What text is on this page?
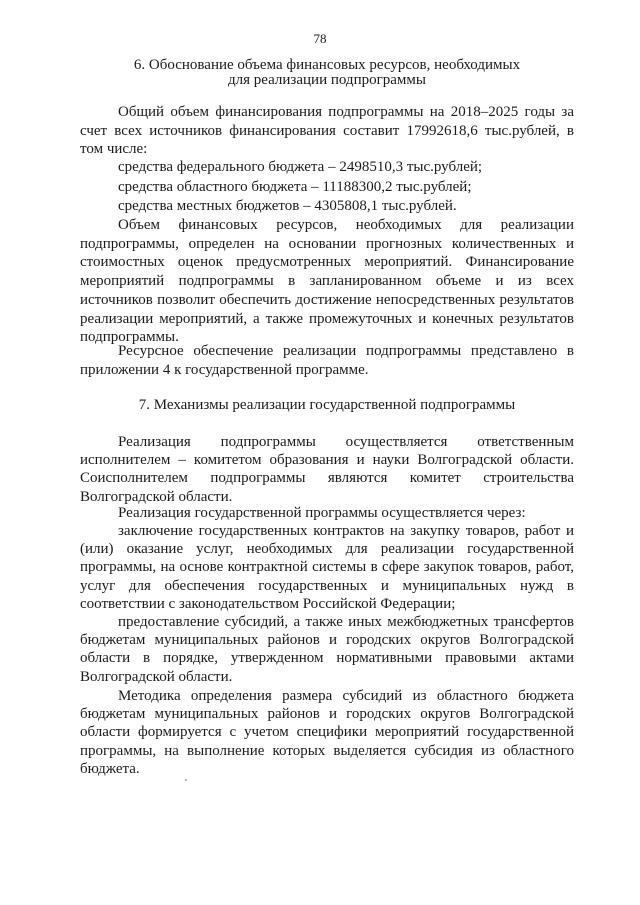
78

6. Обоснование объема финансовых ресурсов, необходимых

для реализации подпрограммы

Общий объем финансирования подпрограммы на 2018–2025 годы за счет всех источников финансирования составит 17992618,6 тыс.рублей, в том числе:

средства федерального бюджета – 2498510,3 тыс.рублей;

средства областного бюджета – 11188300,2 тыс.рублей;

средства местных бюджетов – 4305808,1 тыс.рублей.

Объем финансовых ресурсов, необходимых для реализации подпрограммы, определен на основании прогнозных количественных и стоимостных оценок предусмотренных мероприятий. Финансирование мероприятий подпрограммы в запланированном объеме и из всех источников позволит обеспечить достижение непосредственных результатов реализации мероприятий, а также промежуточных и конечных результатов подпрограммы.

Ресурсное обеспечение реализации подпрограммы представлено в приложении 4 к государственной программе.

7. Механизмы реализации государственной подпрограммы

Реализация подпрограммы осуществляется ответственным исполнителем – комитетом образования и науки Волгоградской области. Соисполнителем подпрограммы являются комитет строительства Волгоградской области.

Реализация государственной программы осуществляется через:

заключение государственных контрактов на закупку товаров, работ и (или) оказание услуг, необходимых для реализации государственной программы, на основе контрактной системы в сфере закупок товаров, работ, услуг для обеспечения государственных и муниципальных нужд в соответствии с законодательством Российской Федерации;

предоставление субсидий, а также иных межбюджетных трансфертов бюджетам муниципальных районов и городских округов Волгоградской области в порядке, утвержденном нормативными правовыми актами Волгоградской области.

Методика определения размера субсидий из областного бюджета бюджетам муниципальных районов и городских округов Волгоградской области формируется с учетом специфики мероприятий государственной программы, на выполнение которых выделяется субсидия из областного бюджета.
